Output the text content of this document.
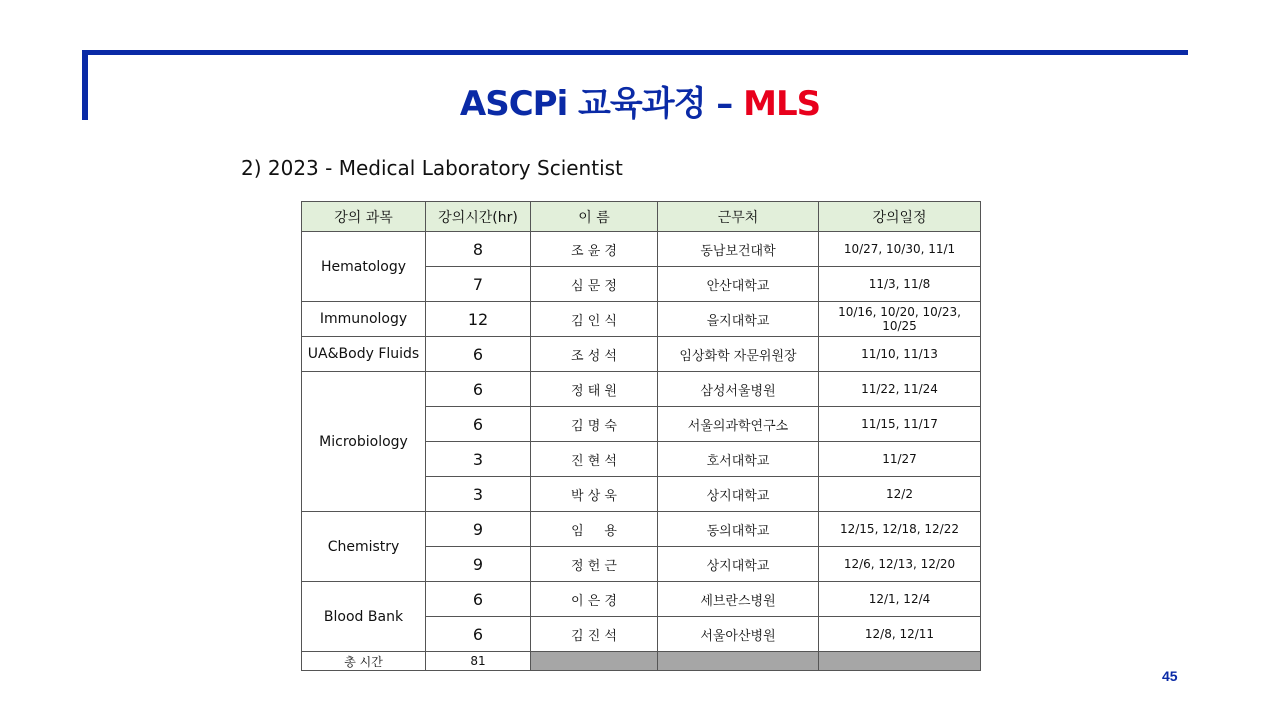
ASCPi 교육과정 – MLS
2) 2023 - Medical Laboratory Scientist
강의 과목	강의시간(hr)	이 름	근무처	강의일정
Hematology	8	조 윤 경	동남보건대학	10/27, 10/30, 11/1
	7	심 문 정	안산대학교	11/3, 11/8
Immunology	12	김 인 식	을지대학교	10/16, 10/20, 10/23, 10/25
UA&Body Fluids	6	조 성 석	임상화학 자문위원장	11/10, 11/13
Microbiology	6	정 태 원	삼성서울병원	11/22, 11/24
	6	김 명 숙	서울의과학연구소	11/15, 11/17
	3	진 현 석	호서대학교	11/27
	3	박 상 욱	상지대학교	12/2
Chemistry	9	임     용	동의대학교	12/15, 12/18, 12/22
	9	정 헌 근	상지대학교	12/6, 12/13, 12/20
Blood Bank	6	이 은 경	세브란스병원	12/1, 12/4
	6	김 진 석	서울아산병원	12/8, 12/11
총 시간	81			
45
